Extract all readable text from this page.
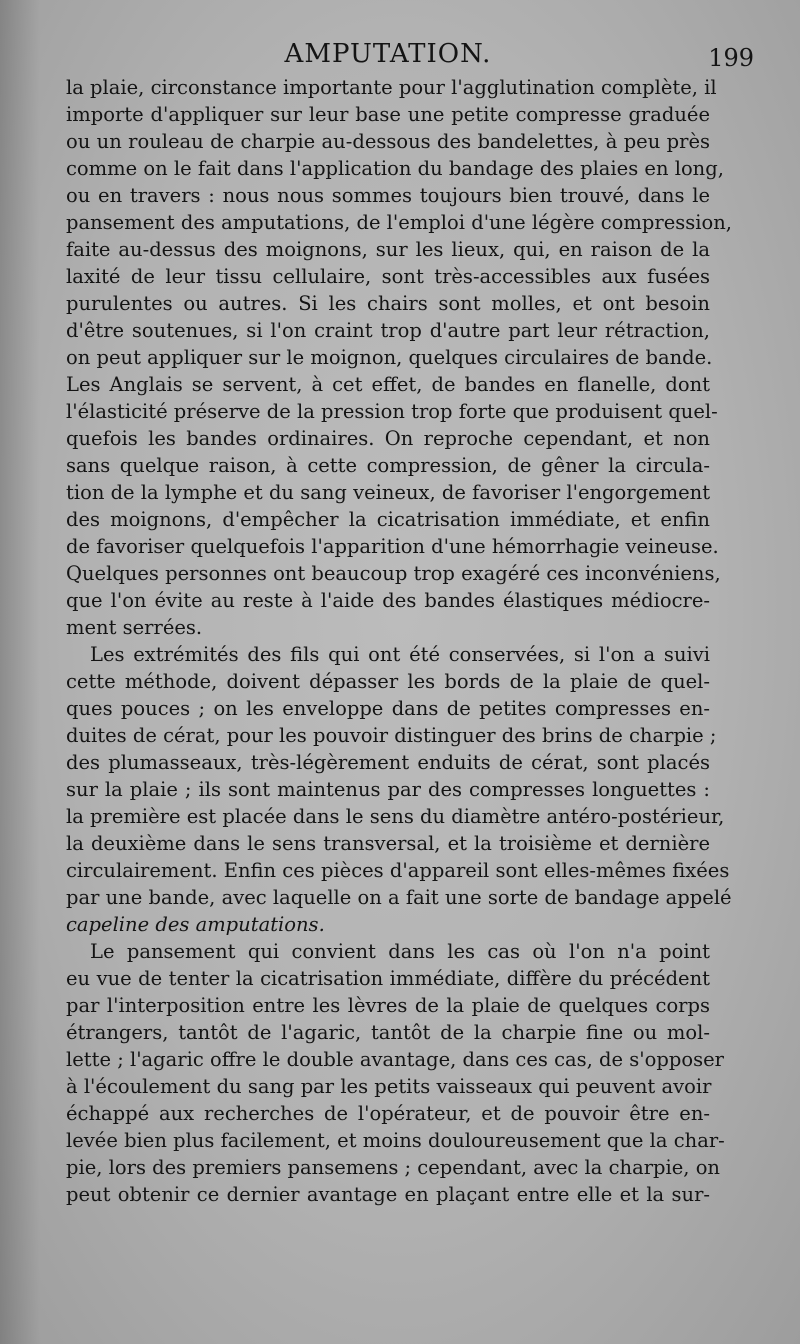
AMPUTATION.	199
la plaie, circonstance importante pour l'agglutination complète, il
importe d'appliquer sur leur base une petite compresse graduée
ou un rouleau de charpie au-dessous des bandelettes, à peu près
comme on le fait dans l'application du bandage des plaies en long,
ou en travers : nous nous sommes toujours bien trouvé, dans le
pansement des amputations, de l'emploi d'une légère compression,
faite au-dessus des moignons, sur les lieux, qui, en raison de la
laxité de leur tissu cellulaire, sont très-accessibles aux fusées
purulentes ou autres. Si les chairs sont molles, et ont besoin
d'être soutenues, si l'on craint trop d'autre part leur rétraction,
on peut appliquer sur le moignon, quelques circulaires de bande.
Les Anglais se servent, à cet effet, de bandes en flanelle, dont
l'élasticité préserve de la pression trop forte que produisent quel-
quefois les bandes ordinaires. On reproche cependant, et non
sans quelque raison, à cette compression, de gêner la circula-
tion de la lymphe et du sang veineux, de favoriser l'engorgement
des moignons, d'empêcher la cicatrisation immédiate, et enfin
de favoriser quelquefois l'apparition d'une hémorrhagie veineuse.
Quelques personnes ont beaucoup trop exagéré ces inconvéniens,
que l'on évite au reste à l'aide des bandes élastiques médiocre-
ment serrées.
Les extrémités des fils qui ont été conservées, si l'on a suivi
cette méthode, doivent dépasser les bords de la plaie de quel-
ques pouces ; on les enveloppe dans de petites compresses en-
duites de cérat, pour les pouvoir distinguer des brins de charpie ;
des plumasseaux, très-légèrement enduits de cérat, sont placés
sur la plaie ; ils sont maintenus par des compresses longuettes :
la première est placée dans le sens du diamètre antéro-postérieur,
la deuxième dans le sens transversal, et la troisième et dernière
circulairement. Enfin ces pièces d'appareil sont elles-mêmes fixées
par une bande, avec laquelle on a fait une sorte de bandage appelé
capeline des amputations.
Le pansement qui convient dans les cas où l'on n'a point
eu vue de tenter la cicatrisation immédiate, diffère du précédent
par l'interposition entre les lèvres de la plaie de quelques corps
étrangers, tantôt de l'agaric, tantôt de la charpie fine ou mol-
lette ; l'agaric offre le double avantage, dans ces cas, de s'opposer
à l'écoulement du sang par les petits vaisseaux qui peuvent avoir
échappé aux recherches de l'opérateur, et de pouvoir être en-
levée bien plus facilement, et moins douloureusement que la char-
pie, lors des premiers pansemens ; cependant, avec la charpie, on
peut obtenir ce dernier avantage en plaçant entre elle et la sur-
